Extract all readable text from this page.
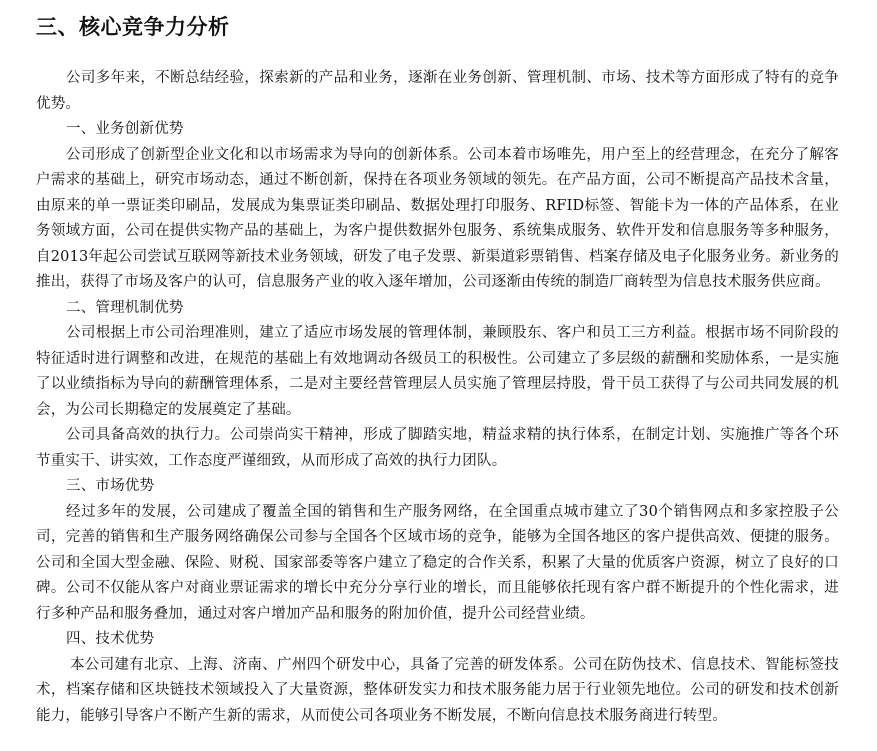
三、核心竞争力分析

公司多年来，不断总结经验，探索新的产品和业务，逐渐在业务创新、管理机制、市场、技术等方面形成了特有的竞争优势。

一、业务创新优势

公司形成了创新型企业文化和以市场需求为导向的创新体系。公司本着市场唯先，用户至上的经营理念，在充分了解客户需求的基础上，研究市场动态，通过不断创新，保持在各项业务领域的领先。在产品方面，公司不断提高产品技术含量，由原来的单一票证类印刷品，发展成为集票证类印刷品、数据处理打印服务、RFID标签、智能卡为一体的产品体系，在业务领域方面，公司在提供实物产品的基础上，为客户提供数据外包服务、系统集成服务、软件开发和信息服务等多种服务，自2013年起公司尝试互联网等新技术业务领域，研发了电子发票、新渠道彩票销售、档案存储及电子化服务业务。新业务的推出，获得了市场及客户的认可，信息服务产业的收入逐年增加，公司逐渐由传统的制造厂商转型为信息技术服务供应商。

二、管理机制优势

公司根据上市公司治理准则，建立了适应市场发展的管理体制，兼顾股东、客户和员工三方利益。根据市场不同阶段的特征适时进行调整和改进，在规范的基础上有效地调动各级员工的积极性。公司建立了多层级的薪酬和奖励体系，一是实施了以业绩指标为导向的薪酬管理体系，二是对主要经营管理层人员实施了管理层持股，骨干员工获得了与公司共同发展的机会，为公司长期稳定的发展奠定了基础。

公司具备高效的执行力。公司崇尚实干精神，形成了脚踏实地，精益求精的执行体系，在制定计划、实施推广等各个环节重实干、讲实效，工作态度严谨细致，从而形成了高效的执行力团队。

三、市场优势

经过多年的发展，公司建成了覆盖全国的销售和生产服务网络，在全国重点城市建立了30个销售网点和多家控股子公司，完善的销售和生产服务网络确保公司参与全国各个区域市场的竞争，能够为全国各地区的客户提供高效、便捷的服务。公司和全国大型金融、保险、财税、国家部委等客户建立了稳定的合作关系，积累了大量的优质客户资源，树立了良好的口碑。公司不仅能从客户对商业票证需求的增长中充分分享行业的增长，而且能够依托现有客户群不断提升的个性化需求，进行多种产品和服务叠加，通过对客户增加产品和服务的附加价值，提升公司经营业绩。

四、技术优势

本公司建有北京、上海、济南、广州四个研发中心，具备了完善的研发体系。公司在防伪技术、信息技术、智能标签技术，档案存储和区块链技术领域投入了大量资源，整体研发实力和技术服务能力居于行业领先地位。公司的研发和技术创新能力，能够引导客户不断产生新的需求，从而使公司各项业务不断发展，不断向信息技术服务商进行转型。
